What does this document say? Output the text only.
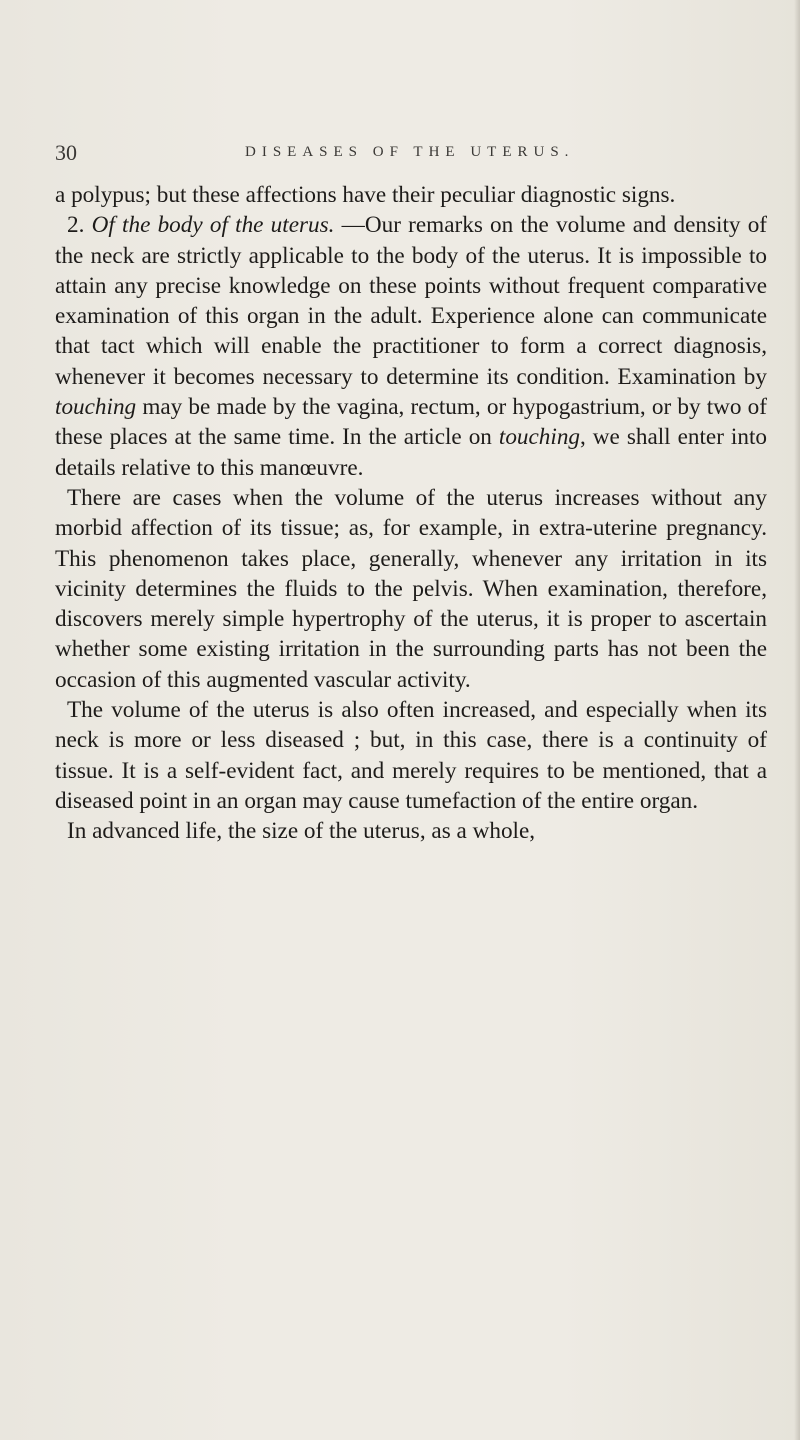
30	DISEASES OF THE UTERUS.

a polypus; but these affections have their peculiar diagnostic signs.

2. Of the body of the uterus. —Our remarks on the volume and density of the neck are strictly applicable to the body of the uterus. It is impossible to attain any precise knowledge on these points without frequent comparative examination of this organ in the adult. Experience alone can communicate that tact which will enable the practitioner to form a correct diagnosis, whenever it becomes necessary to determine its condition. Examination by touching may be made by the vagina, rectum, or hypogastrium, or by two of these places at the same time. In the article on touching, we shall enter into details relative to this manœuvre.

There are cases when the volume of the uterus increases without any morbid affection of its tissue; as, for example, in extra-uterine pregnancy. This phenomenon takes place, generally, whenever any irritation in its vicinity determines the fluids to the pelvis. When examination, therefore, discovers merely simple hypertrophy of the uterus, it is proper to ascertain whether some existing irritation in the surrounding parts has not been the occasion of this augmented vascular activity.

The volume of the uterus is also often increased, and especially when its neck is more or less diseased ; but, in this case, there is a continuity of tissue. It is a self-evident fact, and merely requires to be mentioned, that a diseased point in an organ may cause tumefaction of the entire organ.

In advanced life, the size of the uterus, as a whole,
